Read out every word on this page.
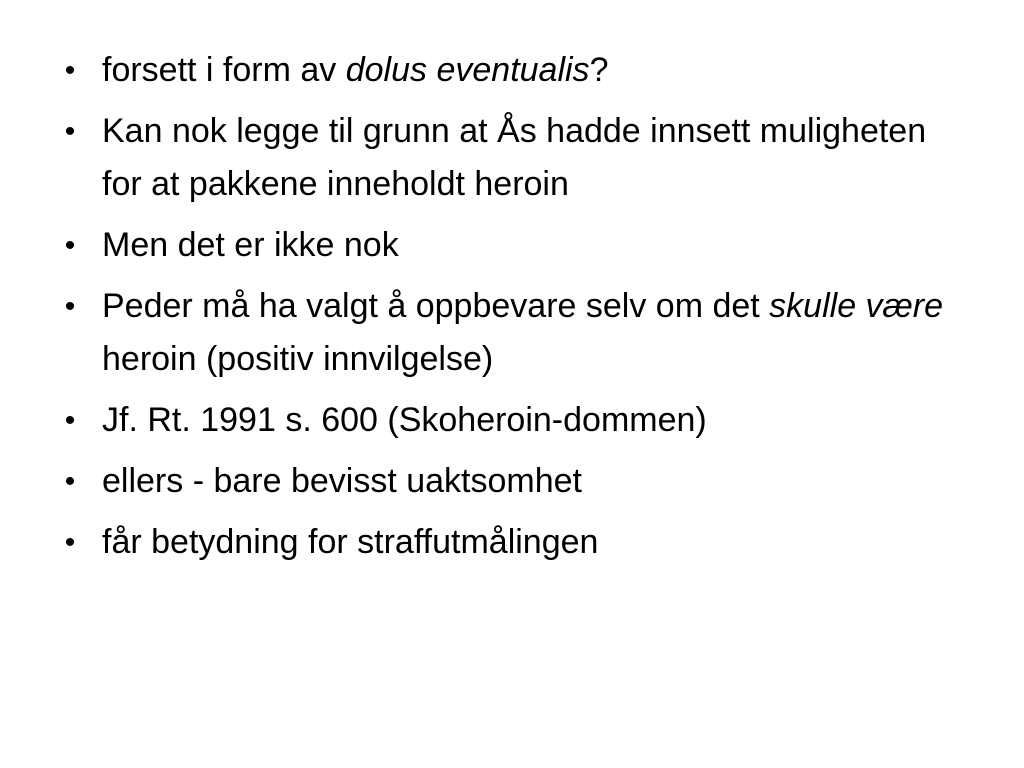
• forsett i form av dolus eventualis?
• Kan nok legge til grunn at Ås hadde innsett muligheten for at pakkene inneholdt heroin
• Men det er ikke nok
• Peder må ha valgt å oppbevare selv om det skulle være heroin (positiv innvilgelse)
• Jf. Rt. 1991 s. 600 (Skoheroin-dommen)
• ellers - bare bevisst uaktsomhet
• får betydning for straffutmålingen
